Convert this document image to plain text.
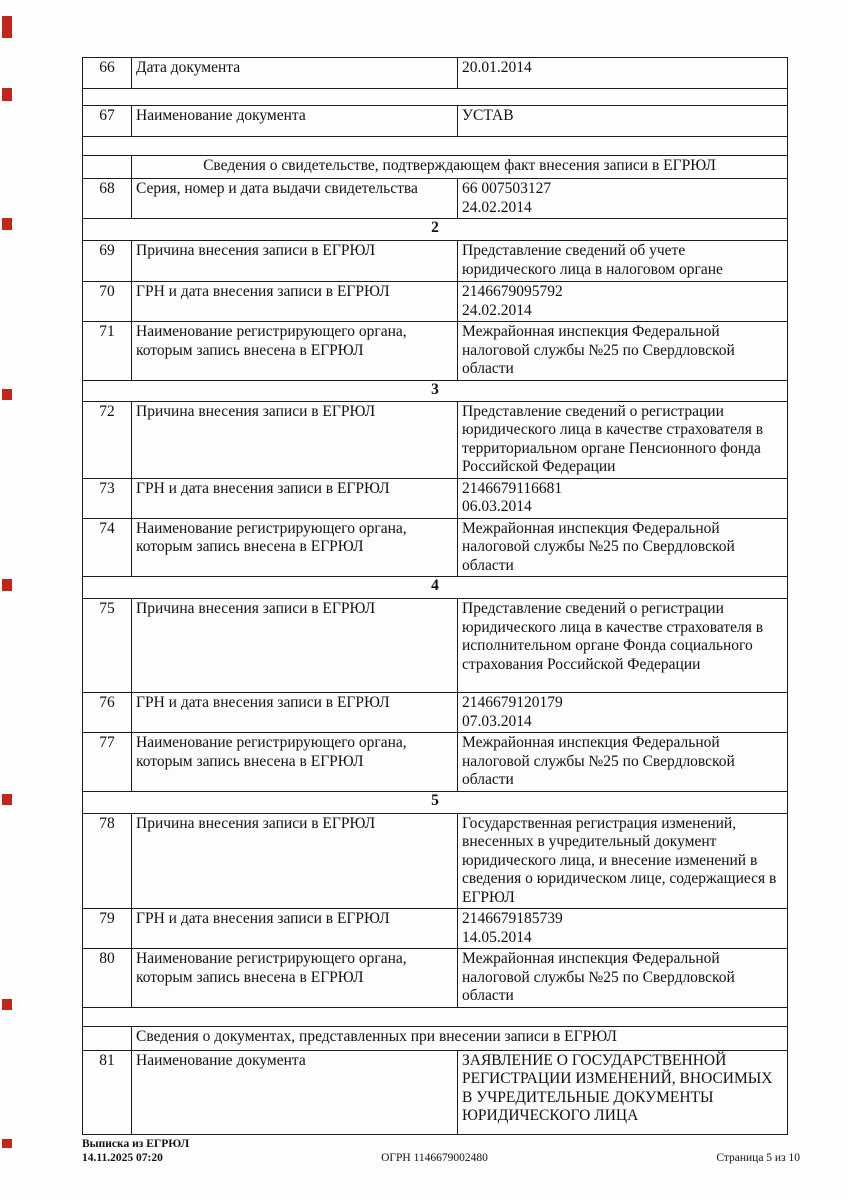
66	Дата документа	20.01.2014

67	Наименование документа	УСТАВ

	Сведения о свидетельстве, подтверждающем факт внесения записи в ЕГРЮЛ	
68	Серия, номер и дата выдачи свидетельства	66 007503127
24.02.2014

2		
69	Причина внесения записи в ЕГРЮЛ	Представление сведений об учете юридического лица в налоговом органе

70	ГРН и дата внесения записи в ЕГРЮЛ	2146679095792
24.02.2014

71	Наименование регистрирующего органа, которым запись внесена в ЕГРЮЛ	Межрайонная инспекция Федеральной налоговой службы №25 по Свердловской области

3		
72	Причина внесения записи в ЕГРЮЛ	Представление сведений о регистрации юридического лица в качестве страхователя в территориальном органе Пенсионного фонда Российской Федерации

73	ГРН и дата внесения записи в ЕГРЮЛ	2146679116681
06.03.2014

74	Наименование регистрирующего органа, которым запись внесена в ЕГРЮЛ	Межрайонная инспекция Федеральной налоговой службы №25 по Свердловской области

4		
75	Причина внесения записи в ЕГРЮЛ	Представление сведений о регистрации юридического лица в качестве страхователя в исполнительном органе Фонда социального страхования Российской Федерации

76	ГРН и дата внесения записи в ЕГРЮЛ	2146679120179
07.03.2014

77	Наименование регистрирующего органа, которым запись внесена в ЕГРЮЛ	Межрайонная инспекция Федеральной налоговой службы №25 по Свердловской области

5		
78	Причина внесения записи в ЕГРЮЛ	Государственная регистрация изменений, внесенных в учредительный документ юридического лица, и внесение изменений в сведения о юридическом лице, содержащиеся в ЕГРЮЛ

79	ГРН и дата внесения записи в ЕГРЮЛ	2146679185739
14.05.2014

80	Наименование регистрирующего органа, которым запись внесена в ЕГРЮЛ	Межрайонная инспекция Федеральной налоговой службы №25 по Свердловской области

	Сведения о документах, представленных при внесении записи в ЕГРЮЛ	
81	Наименование документа	ЗАЯВЛЕНИЕ О ГОСУДАРСТВЕННОЙ РЕГИСТРАЦИИ ИЗМЕНЕНИЙ, ВНОСИМЫХ В УЧРЕДИТЕЛЬНЫЕ ДОКУМЕНТЫ  ЮРИДИЧЕСКОГО ЛИЦА
Выписка из ЕГРЮЛ
14.11.2025 07:20	ОГРН 1146679002480	Страница 5 из 10
